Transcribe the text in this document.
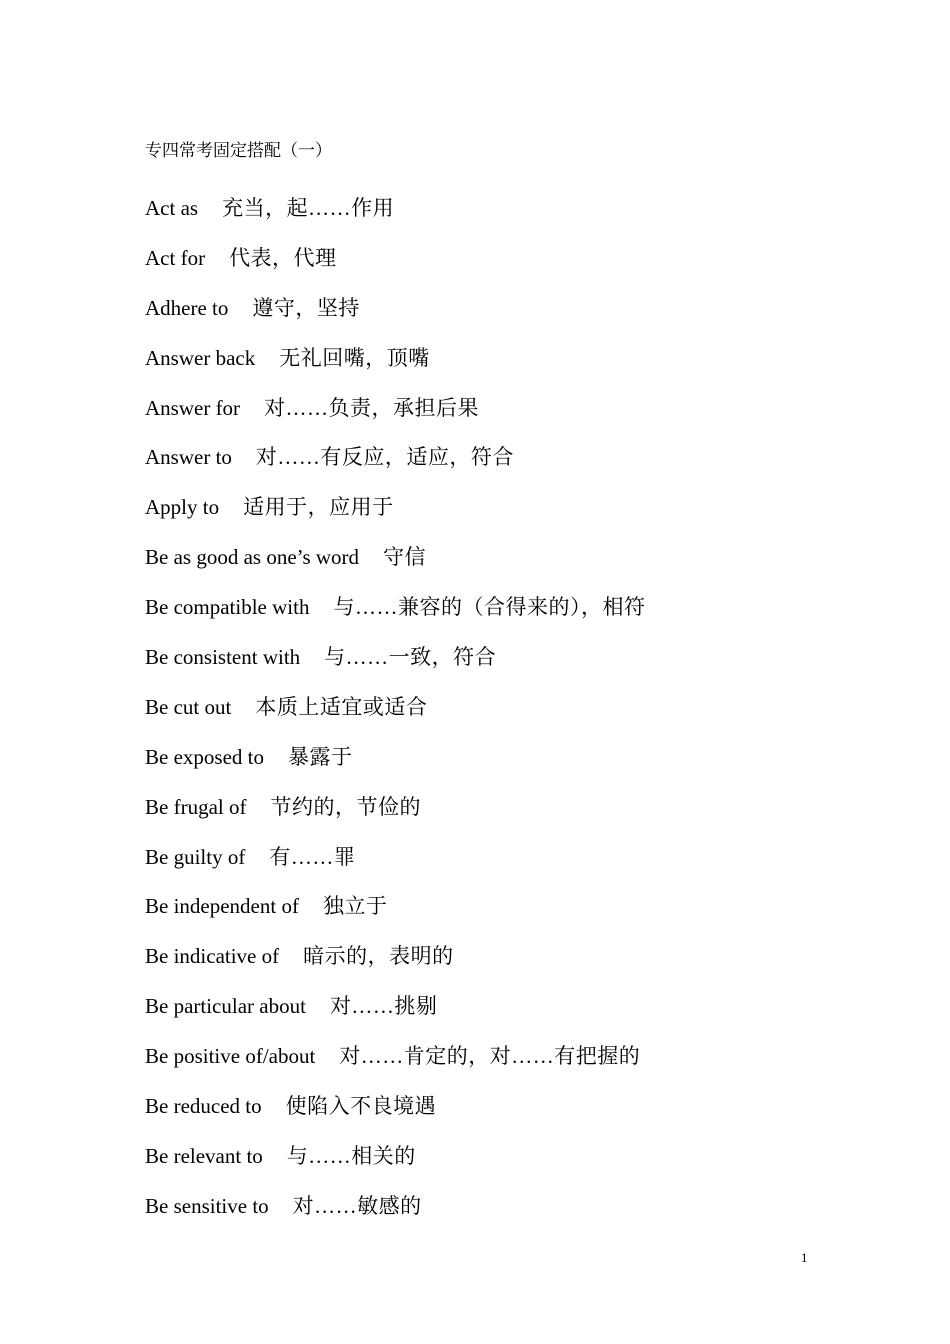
专四常考固定搭配（一）
Act as 充当，起……作用
Act for 代表，代理
Adhere to 遵守，坚持
Answer back 无礼回嘴，顶嘴
Answer for 对……负责，承担后果
Answer to 对……有反应，适应，符合
Apply to 适用于，应用于
Be as good as one’s word 守信
Be compatible with 与……兼容的（合得来的），相符
Be consistent with 与……一致，符合
Be cut out 本质上适宜或适合
Be exposed to 暴露于
Be frugal of 节约的，节俭的
Be guilty of 有……罪
Be independent of 独立于
Be indicative of 暗示的，表明的
Be particular about 对……挑剔
Be positive of/about 对……肯定的，对……有把握的
Be reduced to 使陷入不良境遇
Be relevant to 与……相关的
Be sensitive to 对……敏感的
1
